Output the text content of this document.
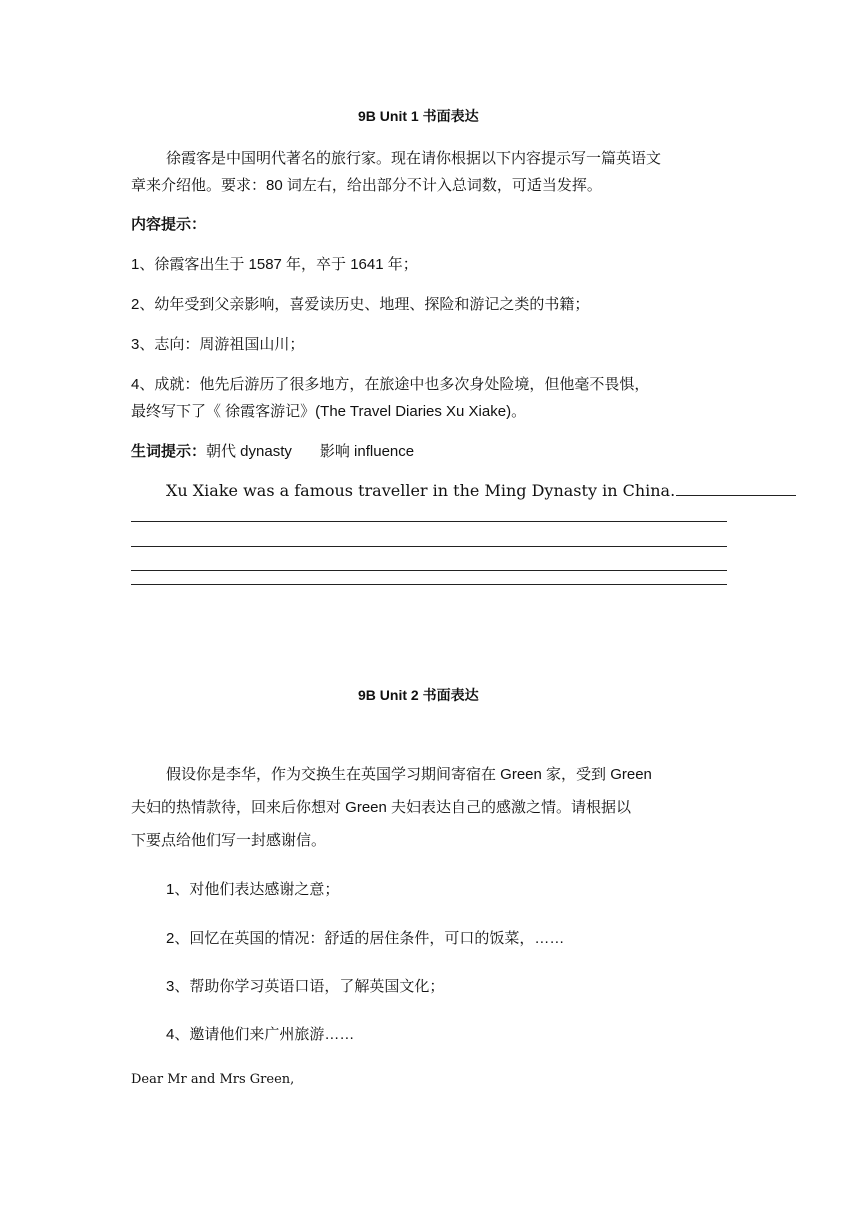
9B Unit 1 书面表达
徐霞客是中国明代著名的旅行家。现在请你根据以下内容提示写一篇英语文
章来介绍他。要求：80 词左右，给出部分不计入总词数，可适当发挥。
内容提示：
1、徐霞客出生于 1587 年，卒于 1641 年；
2、幼年受到父亲影响，喜爱读历史、地理、探险和游记之类的书籍；
3、志向：周游祖国山川；
4、成就：他先后游历了很多地方，在旅途中也多次身处险境，但他毫不畏惧，
最终写下了《 徐霞客游记》(The Travel Diaries Xu Xiake)。
生词提示：朝代 dynasty 影响 influence
Xu Xiake was a famous traveller in the Ming Dynasty in China.
9B Unit 2 书面表达
假设你是李华，作为交换生在英国学习期间寄宿在 Green 家，受到 Green
夫妇的热情款待，回来后你想对 Green 夫妇表达自己的感激之情。请根据以
下要点给他们写一封感谢信。
1、对他们表达感谢之意；
2、回忆在英国的情况：舒适的居住条件，可口的饭菜，……
3、帮助你学习英语口语，了解英国文化；
4、邀请他们来广州旅游……
Dear Mr and Mrs Green,
